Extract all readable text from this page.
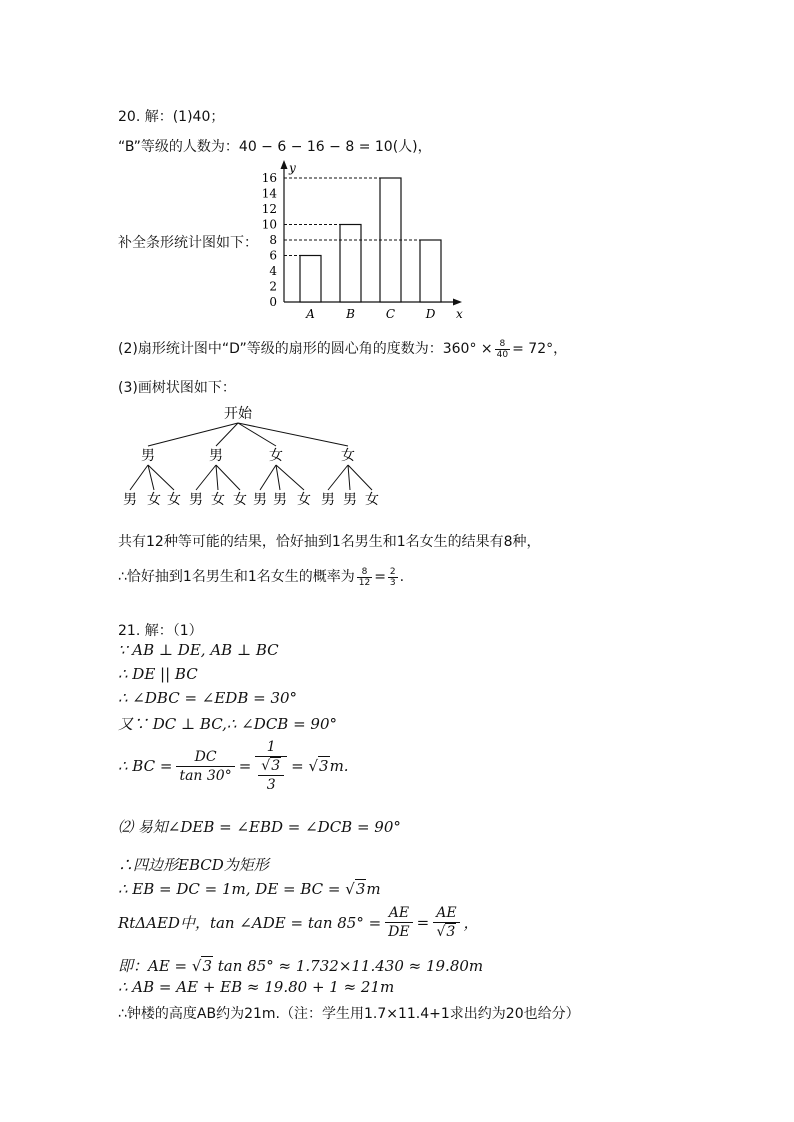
20. 解：(1)40；
“B”等级的人数为：40 − 6 − 16 − 8 = 10(人)，
补全条形统计图如下：
y
x
0
2
4
6
8
10
12
14
16
A	B	C	D
(2)扇形统计图中“D”等级的扇形的圆心角的度数为：$360^\circ \times \frac{8}{40} = 72^\circ$，
(3)画树状图如下：
开始
男
男 女 女
男
男 女 女
女
男 男 女
女
男 男 女
共有12种等可能的结果，恰好抽到1名男生和1名女生的结果有8种，
∴恰好抽到1名男生和1名女生的概率为 $\frac{8}{12} = \frac{2}{3}$ .
21. 解：（1）
∵ AB ⊥ DE, AB ⊥ BC
∴ DE || BC
∴ ∠DBC = ∠EDB = 30°
又∵ DC ⊥ BC,∴ ∠DCB = 90°
∴ BC = $\frac{DC}{\tan 30^\circ} = \frac{1}{\frac{√3}{3}} = √3m$.
⑵ 易知∠DEB = ∠EBD = ∠DCB = 90°
∴四边形EBCD为矩形
∴ EB = DC = 1m, DE = BC = √3m
RtΔAED中，tan ∠ADE = $\tan 85^\circ = \frac{AE}{DE} = \frac{AE}{√3}$ ，
即：AE = √3 tan 85° ≈ 1.732×11.430 ≈ 19.80m
∴ AB = AE + EB ≈ 19.80 + 1 ≈ 21m
∴钟楼的高度AB约为21m.（注：学生用1.7×11.4+1求出约为20也给分）
